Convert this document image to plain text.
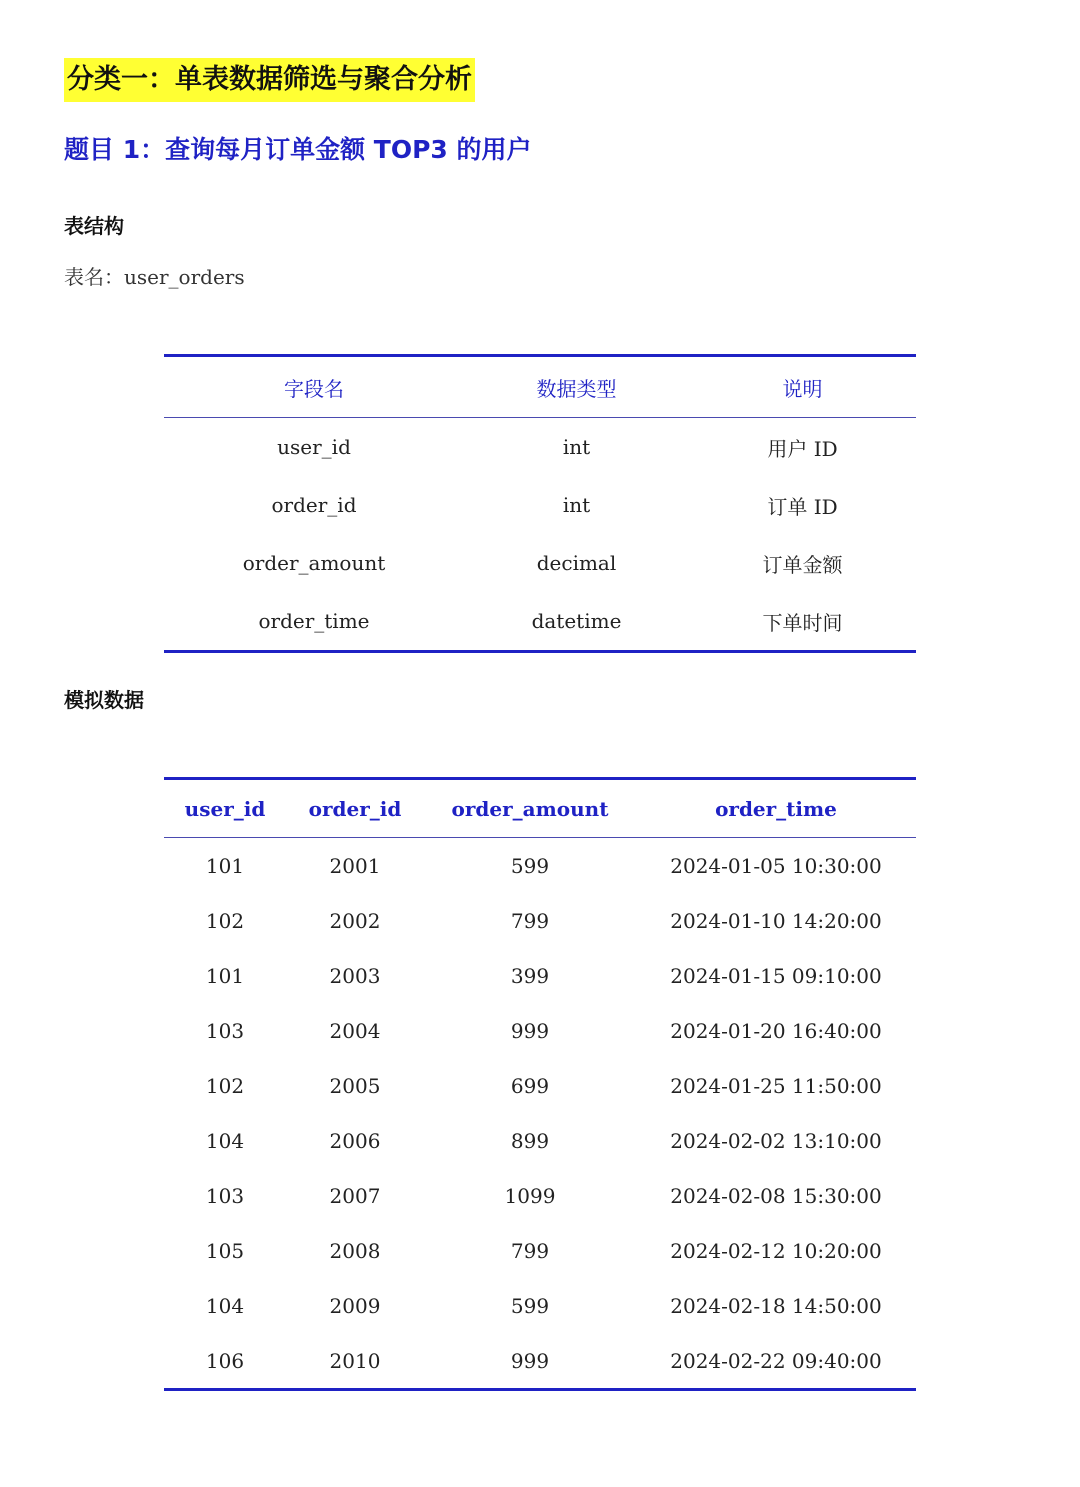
分类一：单表数据筛选与聚合分析
题目 1：查询每月订单金额 TOP3 的用户
表结构
表名：user_orders
字段名	数据类型	说明
user_id	int	用户 ID
order_id	int	订单 ID
order_amount	decimal	订单金额
order_time	datetime	下单时间
模拟数据
user_id	order_id	order_amount	order_time
101	2001	599	2024-01-05 10:30:00
102	2002	799	2024-01-10 14:20:00
101	2003	399	2024-01-15 09:10:00
103	2004	999	2024-01-20 16:40:00
102	2005	699	2024-01-25 11:50:00
104	2006	899	2024-02-02 13:10:00
103	2007	1099	2024-02-08 15:30:00
105	2008	799	2024-02-12 10:20:00
104	2009	599	2024-02-18 14:50:00
106	2010	999	2024-02-22 09:40:00
